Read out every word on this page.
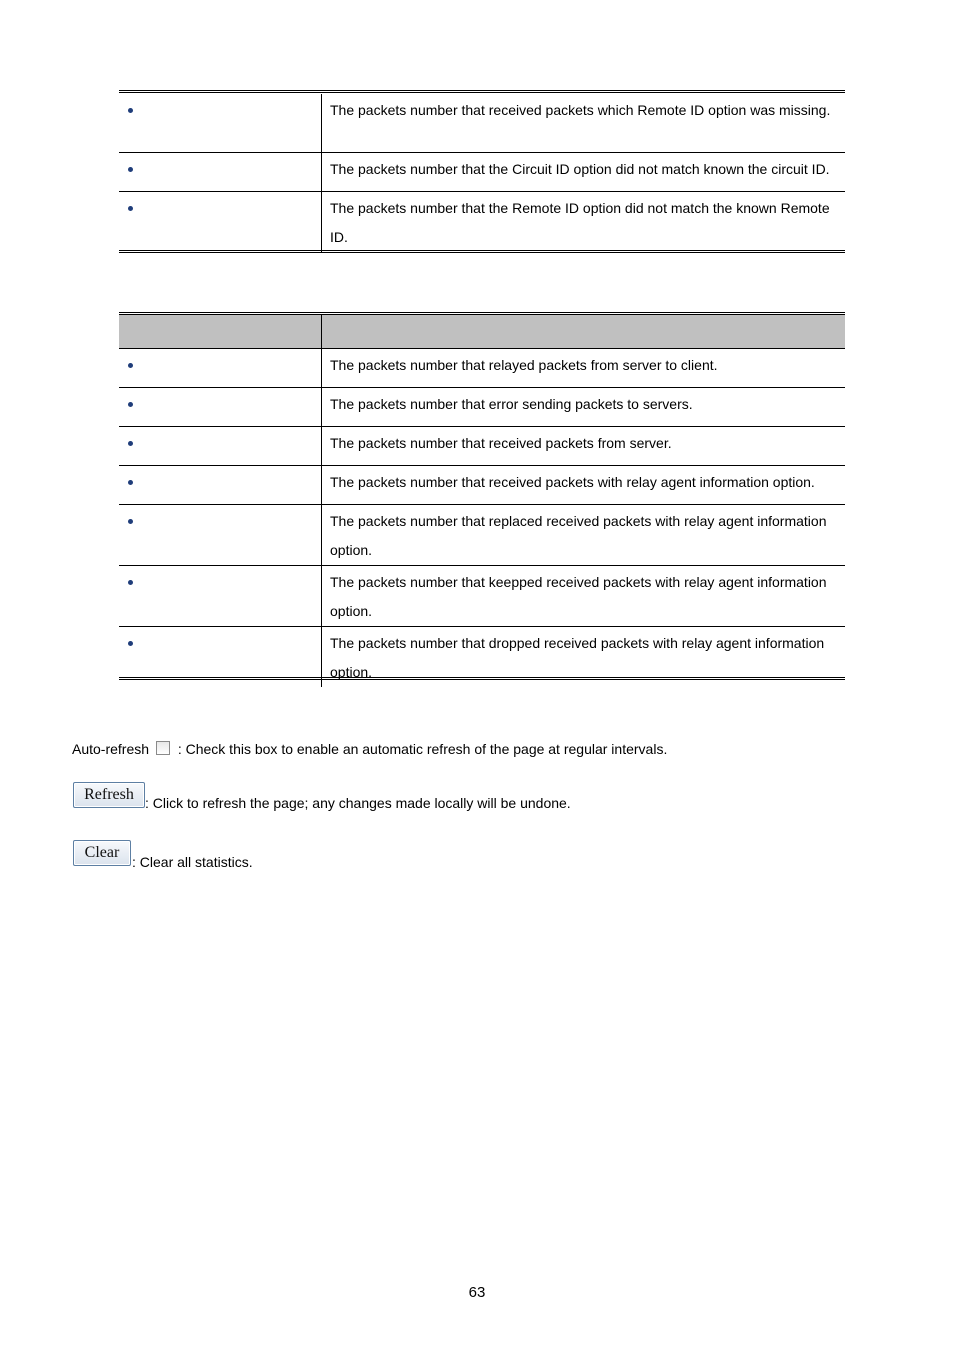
	The packets number that received packets which Remote ID option was missing.
	The packets number that the Circuit ID option did not match known the circuit ID.
	The packets number that the Remote ID option did not match the known Remote ID.

	The packets number that relayed packets from server to client.
	The packets number that error sending packets to servers.
	The packets number that received packets from server.
	The packets number that received packets with relay agent information option.
	The packets number that replaced received packets with relay agent information option.
	The packets number that keepped received packets with relay agent information option.
	The packets number that dropped received packets with relay agent information option.
Auto-refresh : Check this box to enable an automatic refresh of the page at regular intervals.
Refresh : Click to refresh the page; any changes made locally will be undone.
Clear
: Clear all statistics.
63
